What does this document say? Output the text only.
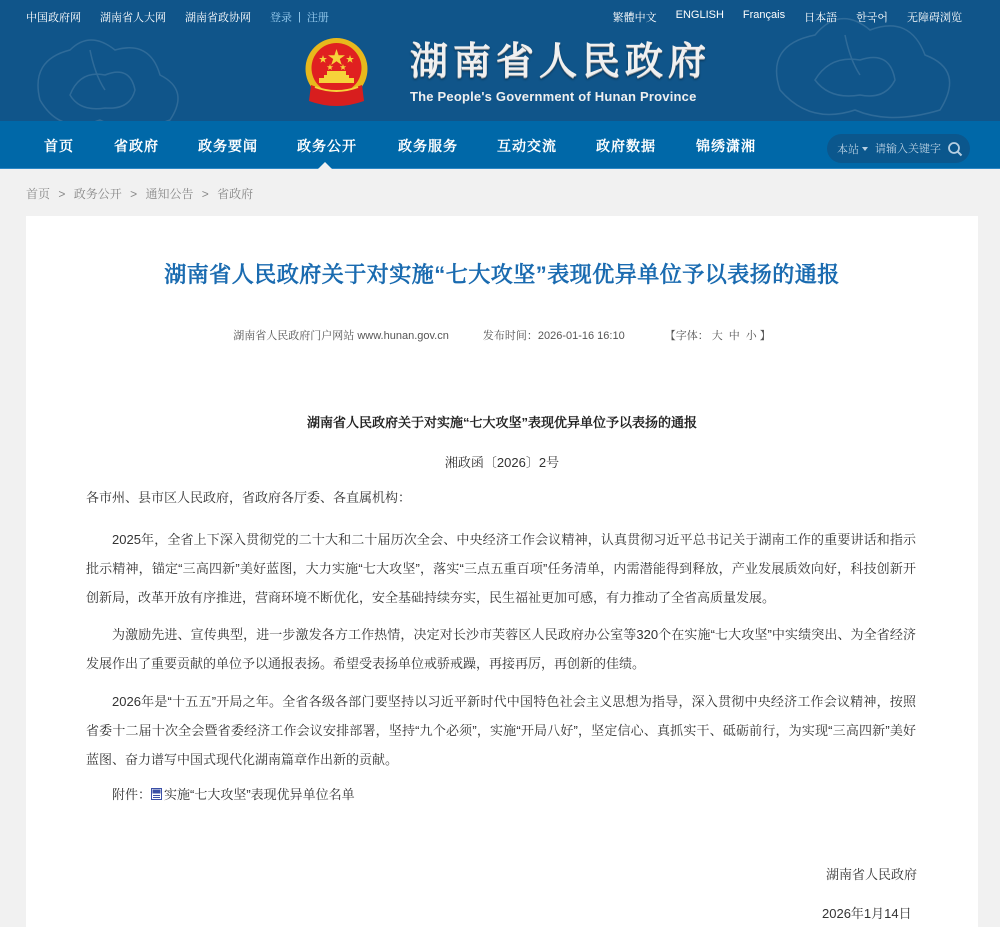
中国政府网 湖南省人大网 湖南省政协网 登录 | 注册	繁體中文 ENGLISH Français 日本語 한국어 无障碍浏览
湖南省人民政府
The People's Government of Hunan Province
首页	省政府	政务要闻	政务公开	政务服务	互动交流	政府数据	锦绣潇湘	本站
请输入关键字
首页 > 政务公开 > 通知公告 > 省政府
湖南省人民政府关于对实施“七大攻坚”表现优异单位予以表扬的通报
湖南省人民政府门户网站 www.hunan.gov.cn	发布时间：2026-01-16 16:10	【字体： 大 中 小 】
湖南省人民政府关于对实施“七大攻坚”表现优异单位予以表扬的通报
湘政函〔2026〕2号
各市州、县市区人民政府，省政府各厅委、各直属机构：

2025年，全省上下深入贯彻党的二十大和二十届历次全会、中央经济工作会议精神，认真贯彻习近平总书记关于湖南工作的重要讲话和指示批示精神，锚定“三高四新”美好蓝图，大力实施“七大攻坚”，落实“三点五重百项”任务清单，内需潜能得到释放，产业发展质效向好，科技创新开创新局，改革开放有序推进，营商环境不断优化，安全基础持续夯实，民生福祉更加可感，有力推动了全省高质量发展。

为激励先进、宣传典型，进一步激发各方工作热情，决定对长沙市芙蓉区人民政府办公室等320个在实施“七大攻坚”中实绩突出、为全省经济发展作出了重要贡献的单位予以通报表扬。希望受表扬单位戒骄戒躁，再接再厉，再创新的佳绩。

2026年是“十五五”开局之年。全省各级各部门要坚持以习近平新时代中国特色社会主义思想为指导，深入贯彻中央经济工作会议精神，按照省委十二届十次全会暨省委经济工作会议安排部署，坚持“九个必须”，实施“开局八好”，坚定信心、真抓实干、砥砺前行，为实现“三高四新”美好蓝图、奋力谱写中国式现代化湖南篇章作出新的贡献。

附件： 实施“七大攻坚”表现优异单位名单
湖南省人民政府
2026年1月14日
